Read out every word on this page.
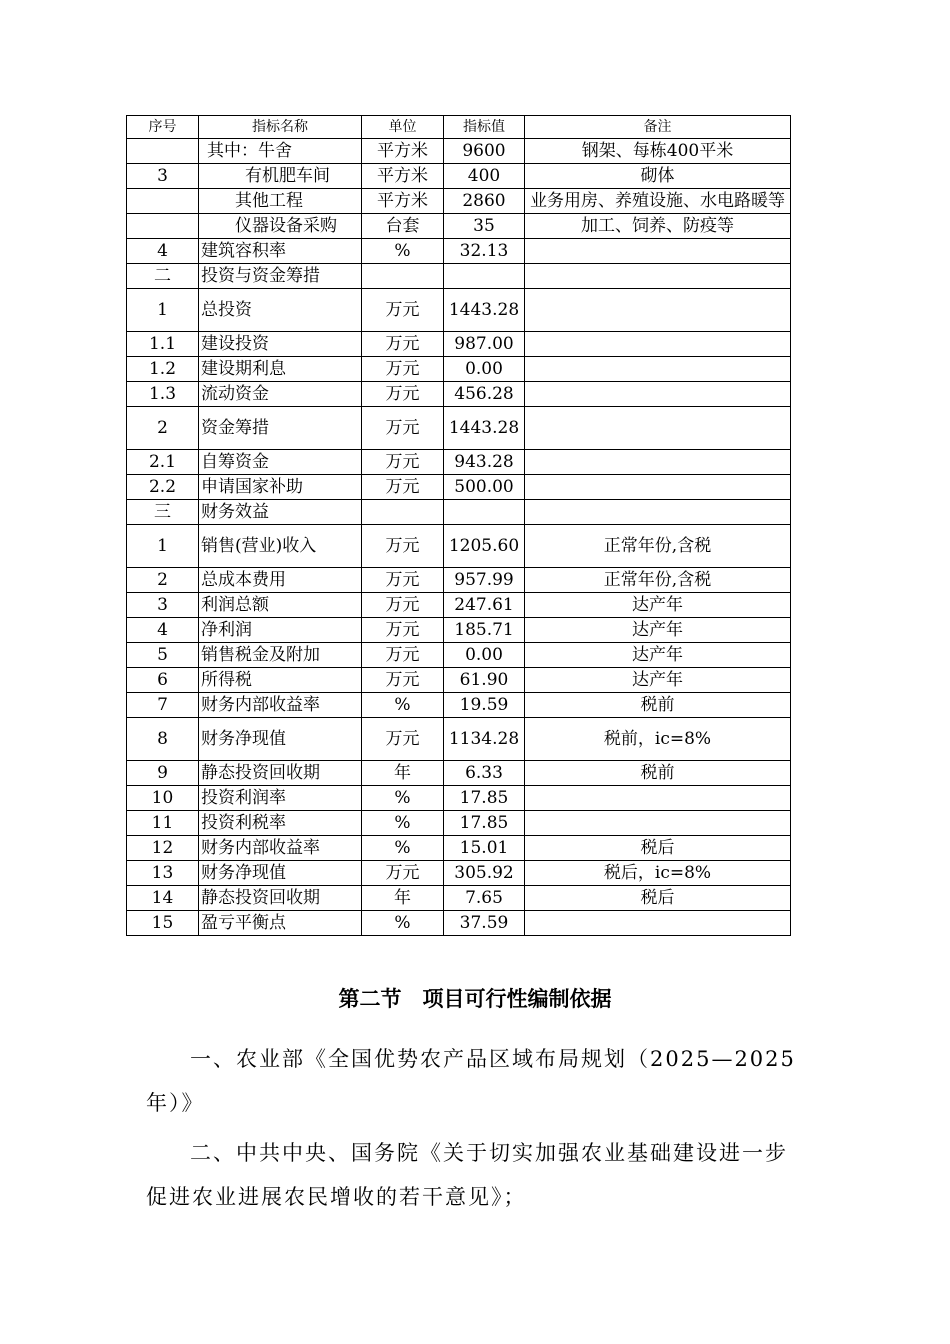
序号	指标名称	单位	指标值	备注
	其中：牛舍	平方米	9600	钢架、每栋400平米
3	有机肥车间	平方米	400	砌体
	其他工程	平方米	2860	业务用房、养殖设施、水电路暖等
	仪器设备采购	台套	35	加工、饲养、防疫等
4	建筑容积率	%	32.13	
二	投资与资金筹措			
1	总投资	万元	1443.28	
1.1	建设投资	万元	987.00	
1.2	建设期利息	万元	0.00	
1.3	流动资金	万元	456.28	
2	资金筹措	万元	1443.28	
2.1	自筹资金	万元	943.28	
2.2	申请国家补助	万元	500.00	
三	财务效益			
1	销售(营业)收入	万元	1205.60	正常年份,含税
2	总成本费用	万元	957.99	正常年份,含税
3	利润总额	万元	247.61	达产年
4	净利润	万元	185.71	达产年
5	销售税金及附加	万元	0.00	达产年
6	所得税	万元	61.90	达产年
7	财务内部收益率	%	19.59	税前
8	财务净现值	万元	1134.28	税前，ic=8%
9	静态投资回收期	年	6.33	税前
10	投资利润率	%	17.85	
11	投资利税率	%	17.85	
12	财务内部收益率	%	15.01	税后
13	财务净现值	万元	305.92	税后，ic=8%
14	静态投资回收期	年	7.65	税后
15	盈亏平衡点	%	37.59	
第二节　项目可行性编制依据

一、农业部《全国优势农产品区域布局规划（2025—2025年）》

二、中共中央、国务院《关于切实加强农业基础建设进一步促进农业进展农民增收的若干意见》；
